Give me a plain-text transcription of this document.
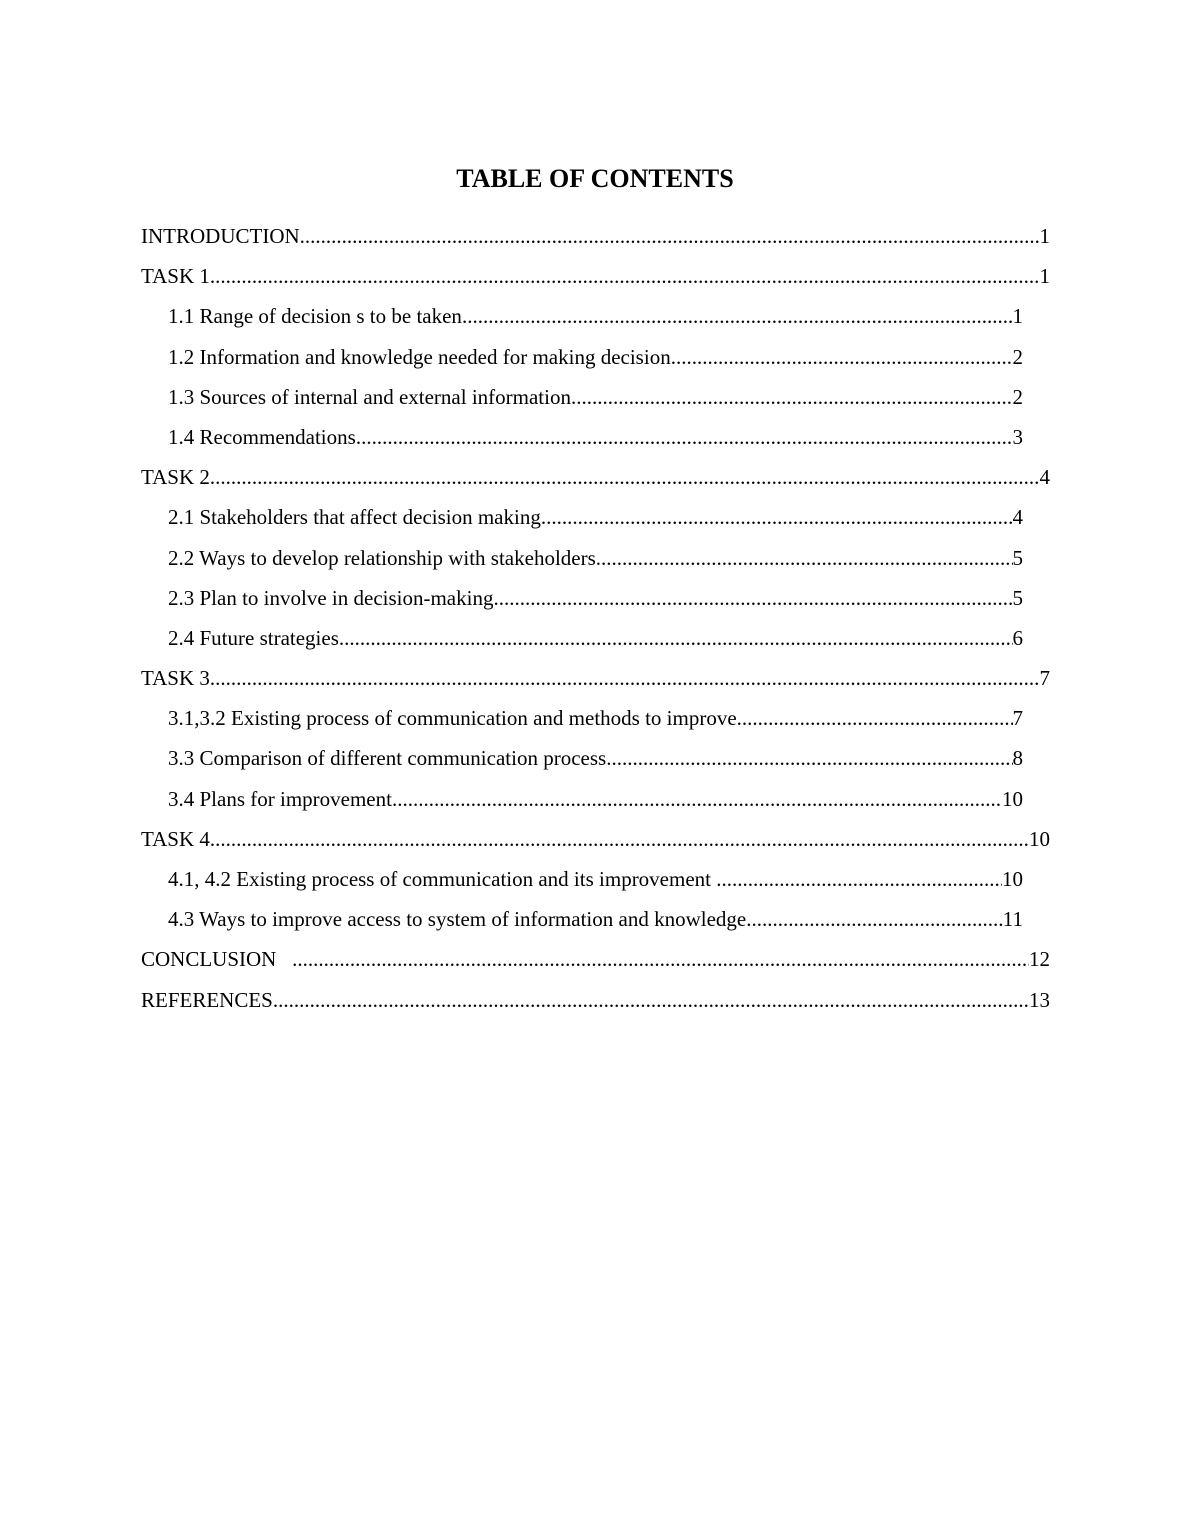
TABLE OF CONTENTS
INTRODUCTION .....	1
TASK 1 .....	1
1.1 Range of decision s to be taken .....	1
1.2 Information and knowledge needed for making decision .....	2
1.3 Sources of internal and external information .....	2
1.4 Recommendations .....	3
TASK 2 .....	4
2.1 Stakeholders that affect decision making .....	4
2.2 Ways to develop relationship with stakeholders .....	5
2.3 Plan to involve in decision-making .....	5
2.4 Future strategies .....	6
TASK 3 .....	7
3.1,3.2 Existing process of communication and methods to improve .....	7
3.3 Comparison of different communication process .....	8
3.4 Plans for improvement .....	10
TASK 4 .....	10
4.1, 4.2 Existing process of communication and its improvement .....	10
4.3 Ways to improve access to system of information and knowledge .....	11
CONCLUSION .....	12
REFERENCES .....	13
